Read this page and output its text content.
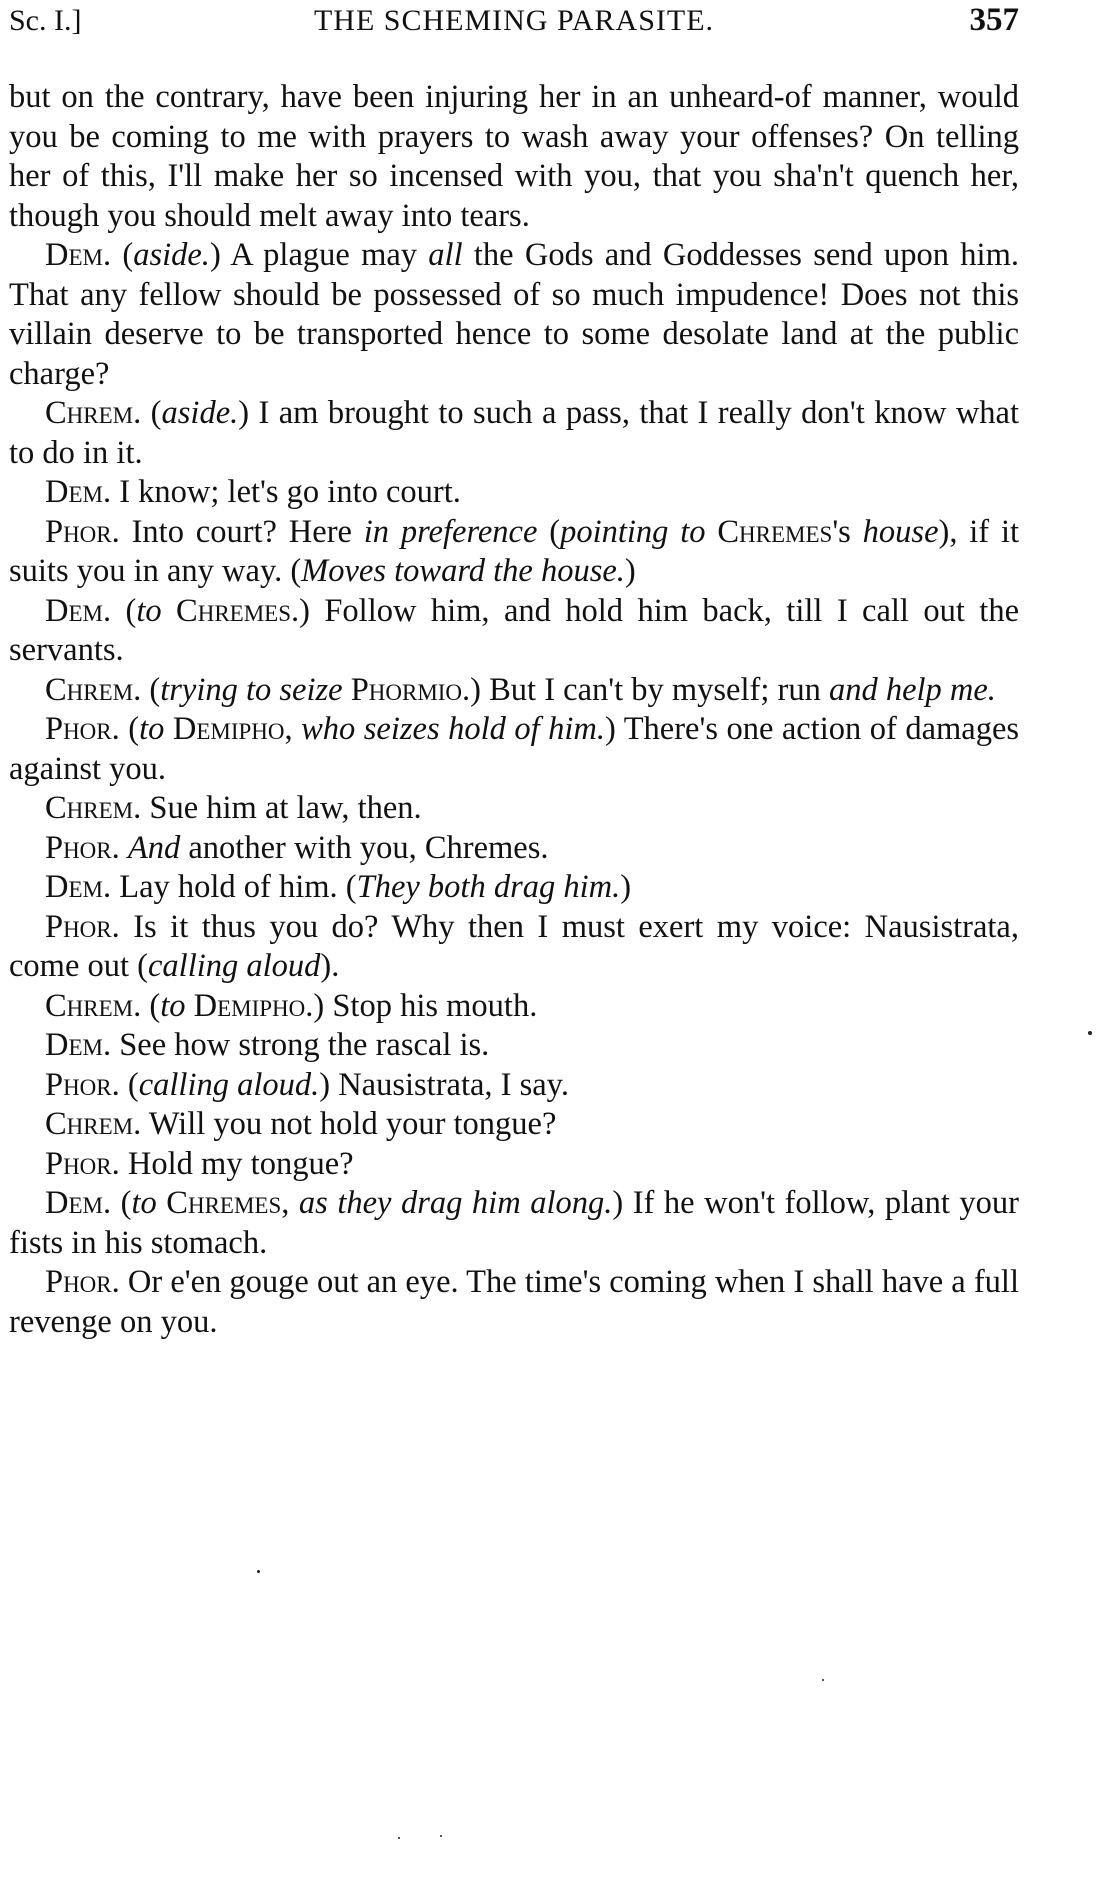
Sc. I.]	THE SCHEMING PARASITE.	357

but on the contrary, have been injuring her in an unheard-of manner, would you be coming to me with prayers to wash away your offenses? On telling her of this, I'll make her so incensed with you, that you sha'n't quench her, though you should melt away into tears.

Dem. (aside.) A plague may all the Gods and Goddesses send upon him. That any fellow should be possessed of so much impudence! Does not this villain deserve to be transported hence to some desolate land at the public charge?

Chrem. (aside.) I am brought to such a pass, that I really don't know what to do in it.

Dem. I know; let's go into court.

Phor. Into court? Here in preference (pointing to Chremes's house), if it suits you in any way. (Moves toward the house.)

Dem. (to Chremes.) Follow him, and hold him back, till I call out the servants.

Chrem. (trying to seize Phormio.) But I can't by myself; run and help me.

Phor. (to Demipho, who seizes hold of him.) There's one action of damages against you.

Chrem. Sue him at law, then.

Phor. And another with you, Chremes.

Dem. Lay hold of him. (They both drag him.)

Phor. Is it thus you do? Why then I must exert my voice: Nausistrata, come out (calling aloud).

Chrem. (to Demipho.) Stop his mouth.

Dem. See how strong the rascal is.

Phor. (calling aloud.) Nausistrata, I say.

Chrem. Will you not hold your tongue?

Phor. Hold my tongue?

Dem. (to Chremes, as they drag him along.) If he won't follow, plant your fists in his stomach.

Phor. Or e'en gouge out an eye. The time's coming when I shall have a full revenge on you.
